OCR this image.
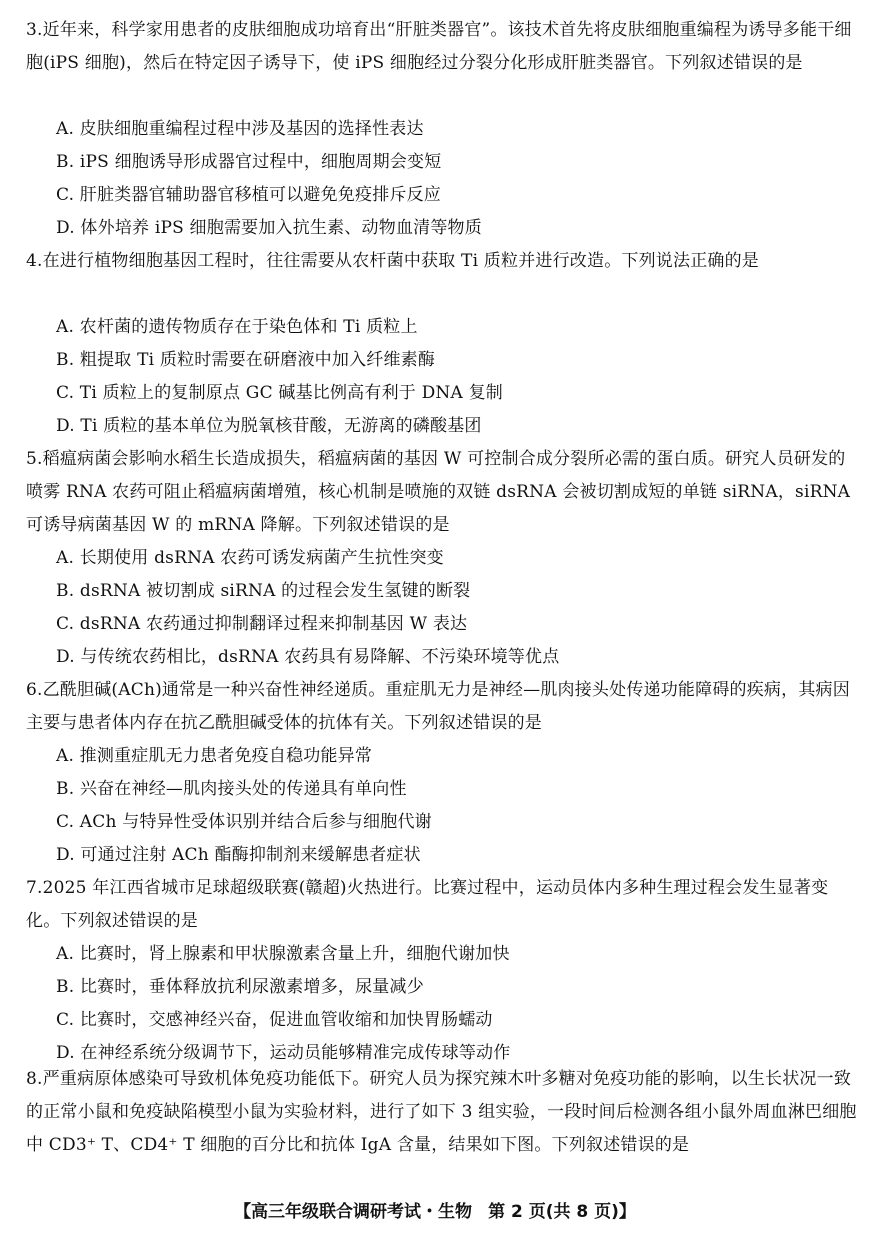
3.近年来，科学家用患者的皮肤细胞成功培育出“肝脏类器官”。该技术首先将皮肤细胞重编程为诱导多能干细胞(iPS 细胞)，然后在特定因子诱导下，使 iPS 细胞经过分裂分化形成肝脏类器官。下列叙述错误的是

A. 皮肤细胞重编程过程中涉及基因的选择性表达

B. iPS 细胞诱导形成器官过程中，细胞周期会变短

C. 肝脏类器官辅助器官移植可以避免免疫排斥反应

D. 体外培养 iPS 细胞需要加入抗生素、动物血清等物质

4.在进行植物细胞基因工程时，往往需要从农杆菌中获取 Ti 质粒并进行改造。下列说法正确的是

A. 农杆菌的遗传物质存在于染色体和 Ti 质粒上

B. 粗提取 Ti 质粒时需要在研磨液中加入纤维素酶

C. Ti 质粒上的复制原点 GC 碱基比例高有利于 DNA 复制

D. Ti 质粒的基本单位为脱氧核苷酸，无游离的磷酸基团

5.稻瘟病菌会影响水稻生长造成损失，稻瘟病菌的基因 W 可控制合成分裂所必需的蛋白质。研究人员研发的喷雾 RNA 农药可阻止稻瘟病菌增殖，核心机制是喷施的双链 dsRNA 会被切割成短的单链 siRNA，siRNA 可诱导病菌基因 W 的 mRNA 降解。下列叙述错误的是

A. 长期使用 dsRNA 农药可诱发病菌产生抗性突变

B. dsRNA 被切割成 siRNA 的过程会发生氢键的断裂

C. dsRNA 农药通过抑制翻译过程来抑制基因 W 表达

D. 与传统农药相比，dsRNA 农药具有易降解、不污染环境等优点

6.乙酰胆碱(ACh)通常是一种兴奋性神经递质。重症肌无力是神经—肌肉接头处传递功能障碍的疾病，其病因主要与患者体内存在抗乙酰胆碱受体的抗体有关。下列叙述错误的是

A. 推测重症肌无力患者免疫自稳功能异常

B. 兴奋在神经—肌肉接头处的传递具有单向性

C. ACh 与特异性受体识别并结合后参与细胞代谢

D. 可通过注射 ACh 酯酶抑制剂来缓解患者症状

7.2025 年江西省城市足球超级联赛(赣超)火热进行。比赛过程中，运动员体内多种生理过程会发生显著变化。下列叙述错误的是

A. 比赛时，肾上腺素和甲状腺激素含量上升，细胞代谢加快

B. 比赛时，垂体释放抗利尿激素增多，尿量减少

C. 比赛时，交感神经兴奋，促进血管收缩和加快胃肠蠕动

D. 在神经系统分级调节下，运动员能够精准完成传球等动作

8.严重病原体感染可导致机体免疫功能低下。研究人员为探究辣木叶多糖对免疫功能的影响，以生长状况一致的正常小鼠和免疫缺陷模型小鼠为实验材料，进行了如下 3 组实验，一段时间后检测各组小鼠外周血淋巴细胞中 CD3⁺ T、CD4⁺ T 细胞的百分比和抗体 IgA 含量，结果如下图。下列叙述错误的是

【高三年级联合调研考试・生物 第 2 页(共 8 页)】
